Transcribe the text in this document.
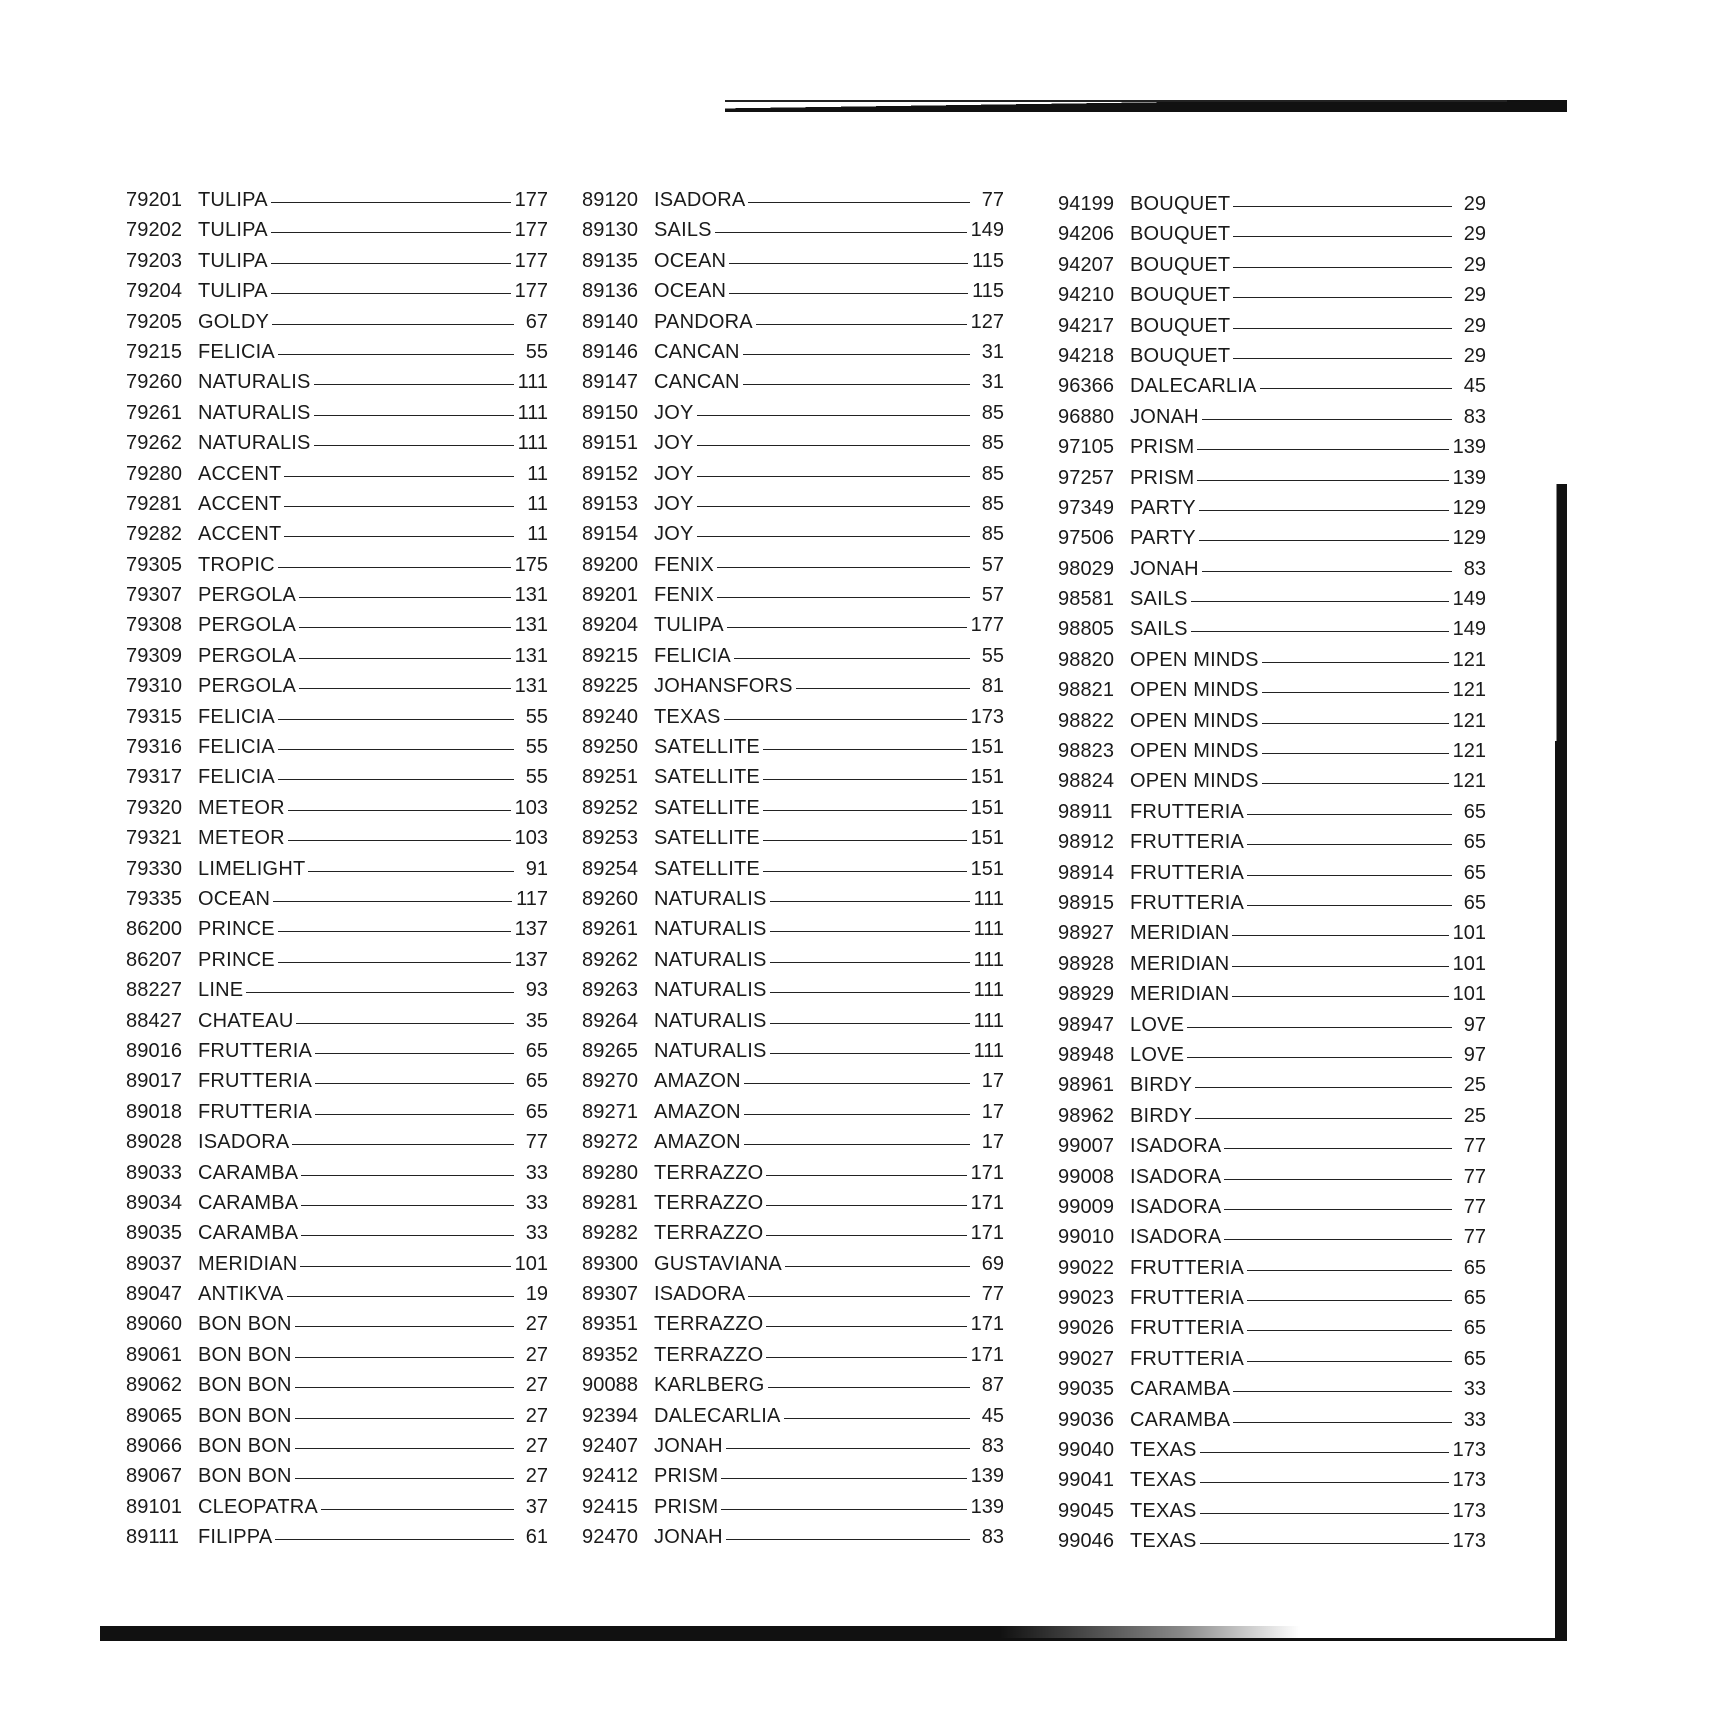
79201 TULIPA	177
79202 TULIPA	177
79203 TULIPA	177
79204 TULIPA	177
79205 GOLDY	67
79215 FELICIA	55
79260 NATURALIS	111
79261 NATURALIS	111
79262 NATURALIS	111
79280 ACCENT	11
79281 ACCENT	11
79282 ACCENT	11
79305 TROPIC	175
79307 PERGOLA	131
79308 PERGOLA	131
79309 PERGOLA	131
79310 PERGOLA	131
79315 FELICIA	55
79316 FELICIA	55
79317 FELICIA	55
79320 METEOR	103
79321 METEOR	103
79330 LIMELIGHT	91
79335 OCEAN	117
86200 PRINCE	137
86207 PRINCE	137
88227 LINE	93
88427 CHATEAU	35
89016 FRUTTERIA	65
89017 FRUTTERIA	65
89018 FRUTTERIA	65
89028 ISADORA	77
89033 CARAMBA	33
89034 CARAMBA	33
89035 CARAMBA	33
89037 MERIDIAN	101
89047 ANTIKVA	19
89060 BON BON	27
89061 BON BON	27
89062 BON BON	27
89065 BON BON	27
89066 BON BON	27
89067 BON BON	27
89101 CLEOPATRA	37
89111 FILIPPA	61
89120 ISADORA	77
89130 SAILS	149
89135 OCEAN	115
89136 OCEAN	115
89140 PANDORA	127
89146 CANCAN	31
89147 CANCAN	31
89150 JOY	85
89151 JOY	85
89152 JOY	85
89153 JOY	85
89154 JOY	85
89200 FENIX	57
89201 FENIX	57
89204 TULIPA	177
89215 FELICIA	55
89225 JOHANSFORS	81
89240 TEXAS	173
89250 SATELLITE	151
89251 SATELLITE	151
89252 SATELLITE	151
89253 SATELLITE	151
89254 SATELLITE	151
89260 NATURALIS	111
89261 NATURALIS	111
89262 NATURALIS	111
89263 NATURALIS	111
89264 NATURALIS	111
89265 NATURALIS	111
89270 AMAZON	17
89271 AMAZON	17
89272 AMAZON	17
89280 TERRAZZO	171
89281 TERRAZZO	171
89282 TERRAZZO	171
89300 GUSTAVIANA	69
89307 ISADORA	77
89351 TERRAZZO	171
89352 TERRAZZO	171
90088 KARLBERG	87
92394 DALECARLIA	45
92407 JONAH	83
92412 PRISM	139
92415 PRISM	139
92470 JONAH	83
94199 BOUQUET	29
94206 BOUQUET	29
94207 BOUQUET	29
94210 BOUQUET	29
94217 BOUQUET	29
94218 BOUQUET	29
96366 DALECARLIA	45
96880 JONAH	83
97105 PRISM	139
97257 PRISM	139
97349 PARTY	129
97506 PARTY	129
98029 JONAH	83
98581 SAILS	149
98805 SAILS	149
98820 OPEN MINDS	121
98821 OPEN MINDS	121
98822 OPEN MINDS	121
98823 OPEN MINDS	121
98824 OPEN MINDS	121
98911 FRUTTERIA	65
98912 FRUTTERIA	65
98914 FRUTTERIA	65
98915 FRUTTERIA	65
98927 MERIDIAN	101
98928 MERIDIAN	101
98929 MERIDIAN	101
98947 LOVE	97
98948 LOVE	97
98961 BIRDY	25
98962 BIRDY	25
99007 ISADORA	77
99008 ISADORA	77
99009 ISADORA	77
99010 ISADORA	77
99022 FRUTTERIA	65
99023 FRUTTERIA	65
99026 FRUTTERIA	65
99027 FRUTTERIA	65
99035 CARAMBA	33
99036 CARAMBA	33
99040 TEXAS	173
99041 TEXAS	173
99045 TEXAS	173
99046 TEXAS	173
